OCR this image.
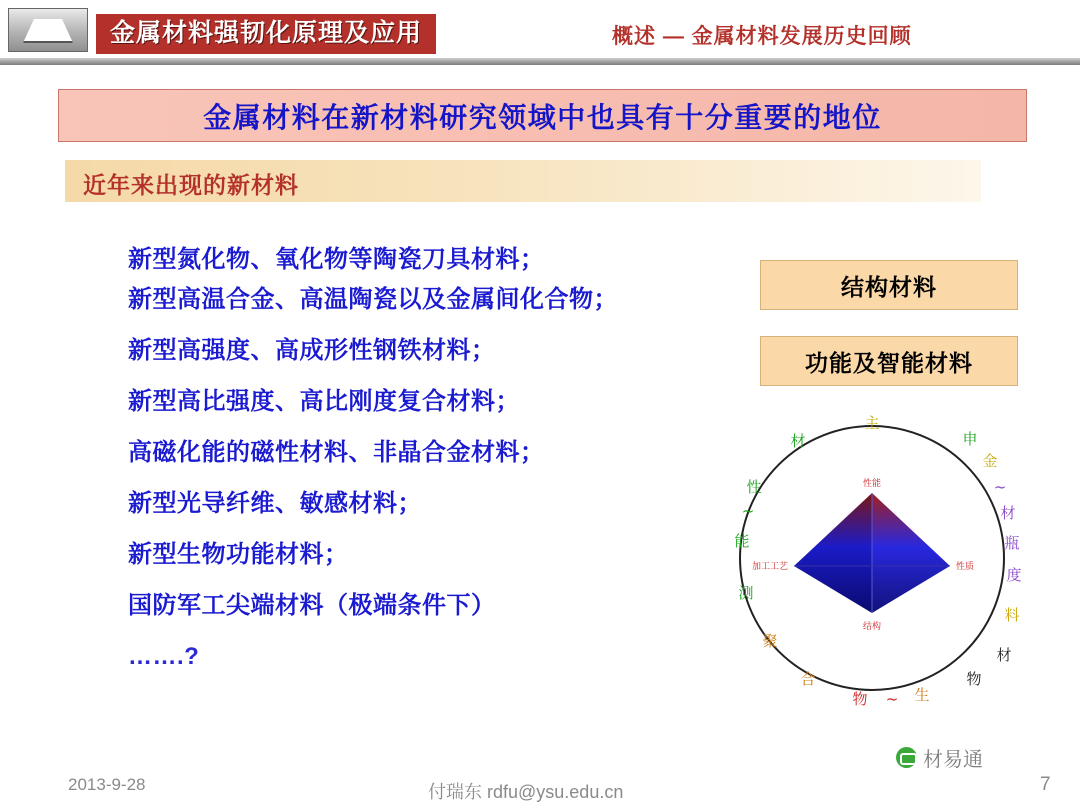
金属材料强韧化原理及应用	概述 — 金属材料发展历史回顾
金属材料在新材料研究领域中也具有十分重要的地位
近年来出现的新材料
新型氮化物、氧化物等陶瓷刀具材料；
新型高温合金、高温陶瓷以及金属间化合物；
新型高强度、高成形性钢铁材料；
新型高比强度、高比刚度复合材料；
高磁化能的磁性材料、非晶合金材料；
新型光导纤维、敏感材料；
新型生物功能材料；
国防军工尖端材料（极端条件下）
…….?
结构材料
功能及智能材料
性能
加工工艺	性质
结构
主
材
性
~
能
测
聚
合
物 ~ 生
物
材
料
度
瓶
材
~
金
申
2013-9-28	付瑞东 rdfu@ysu.edu.cn	7
材易通
